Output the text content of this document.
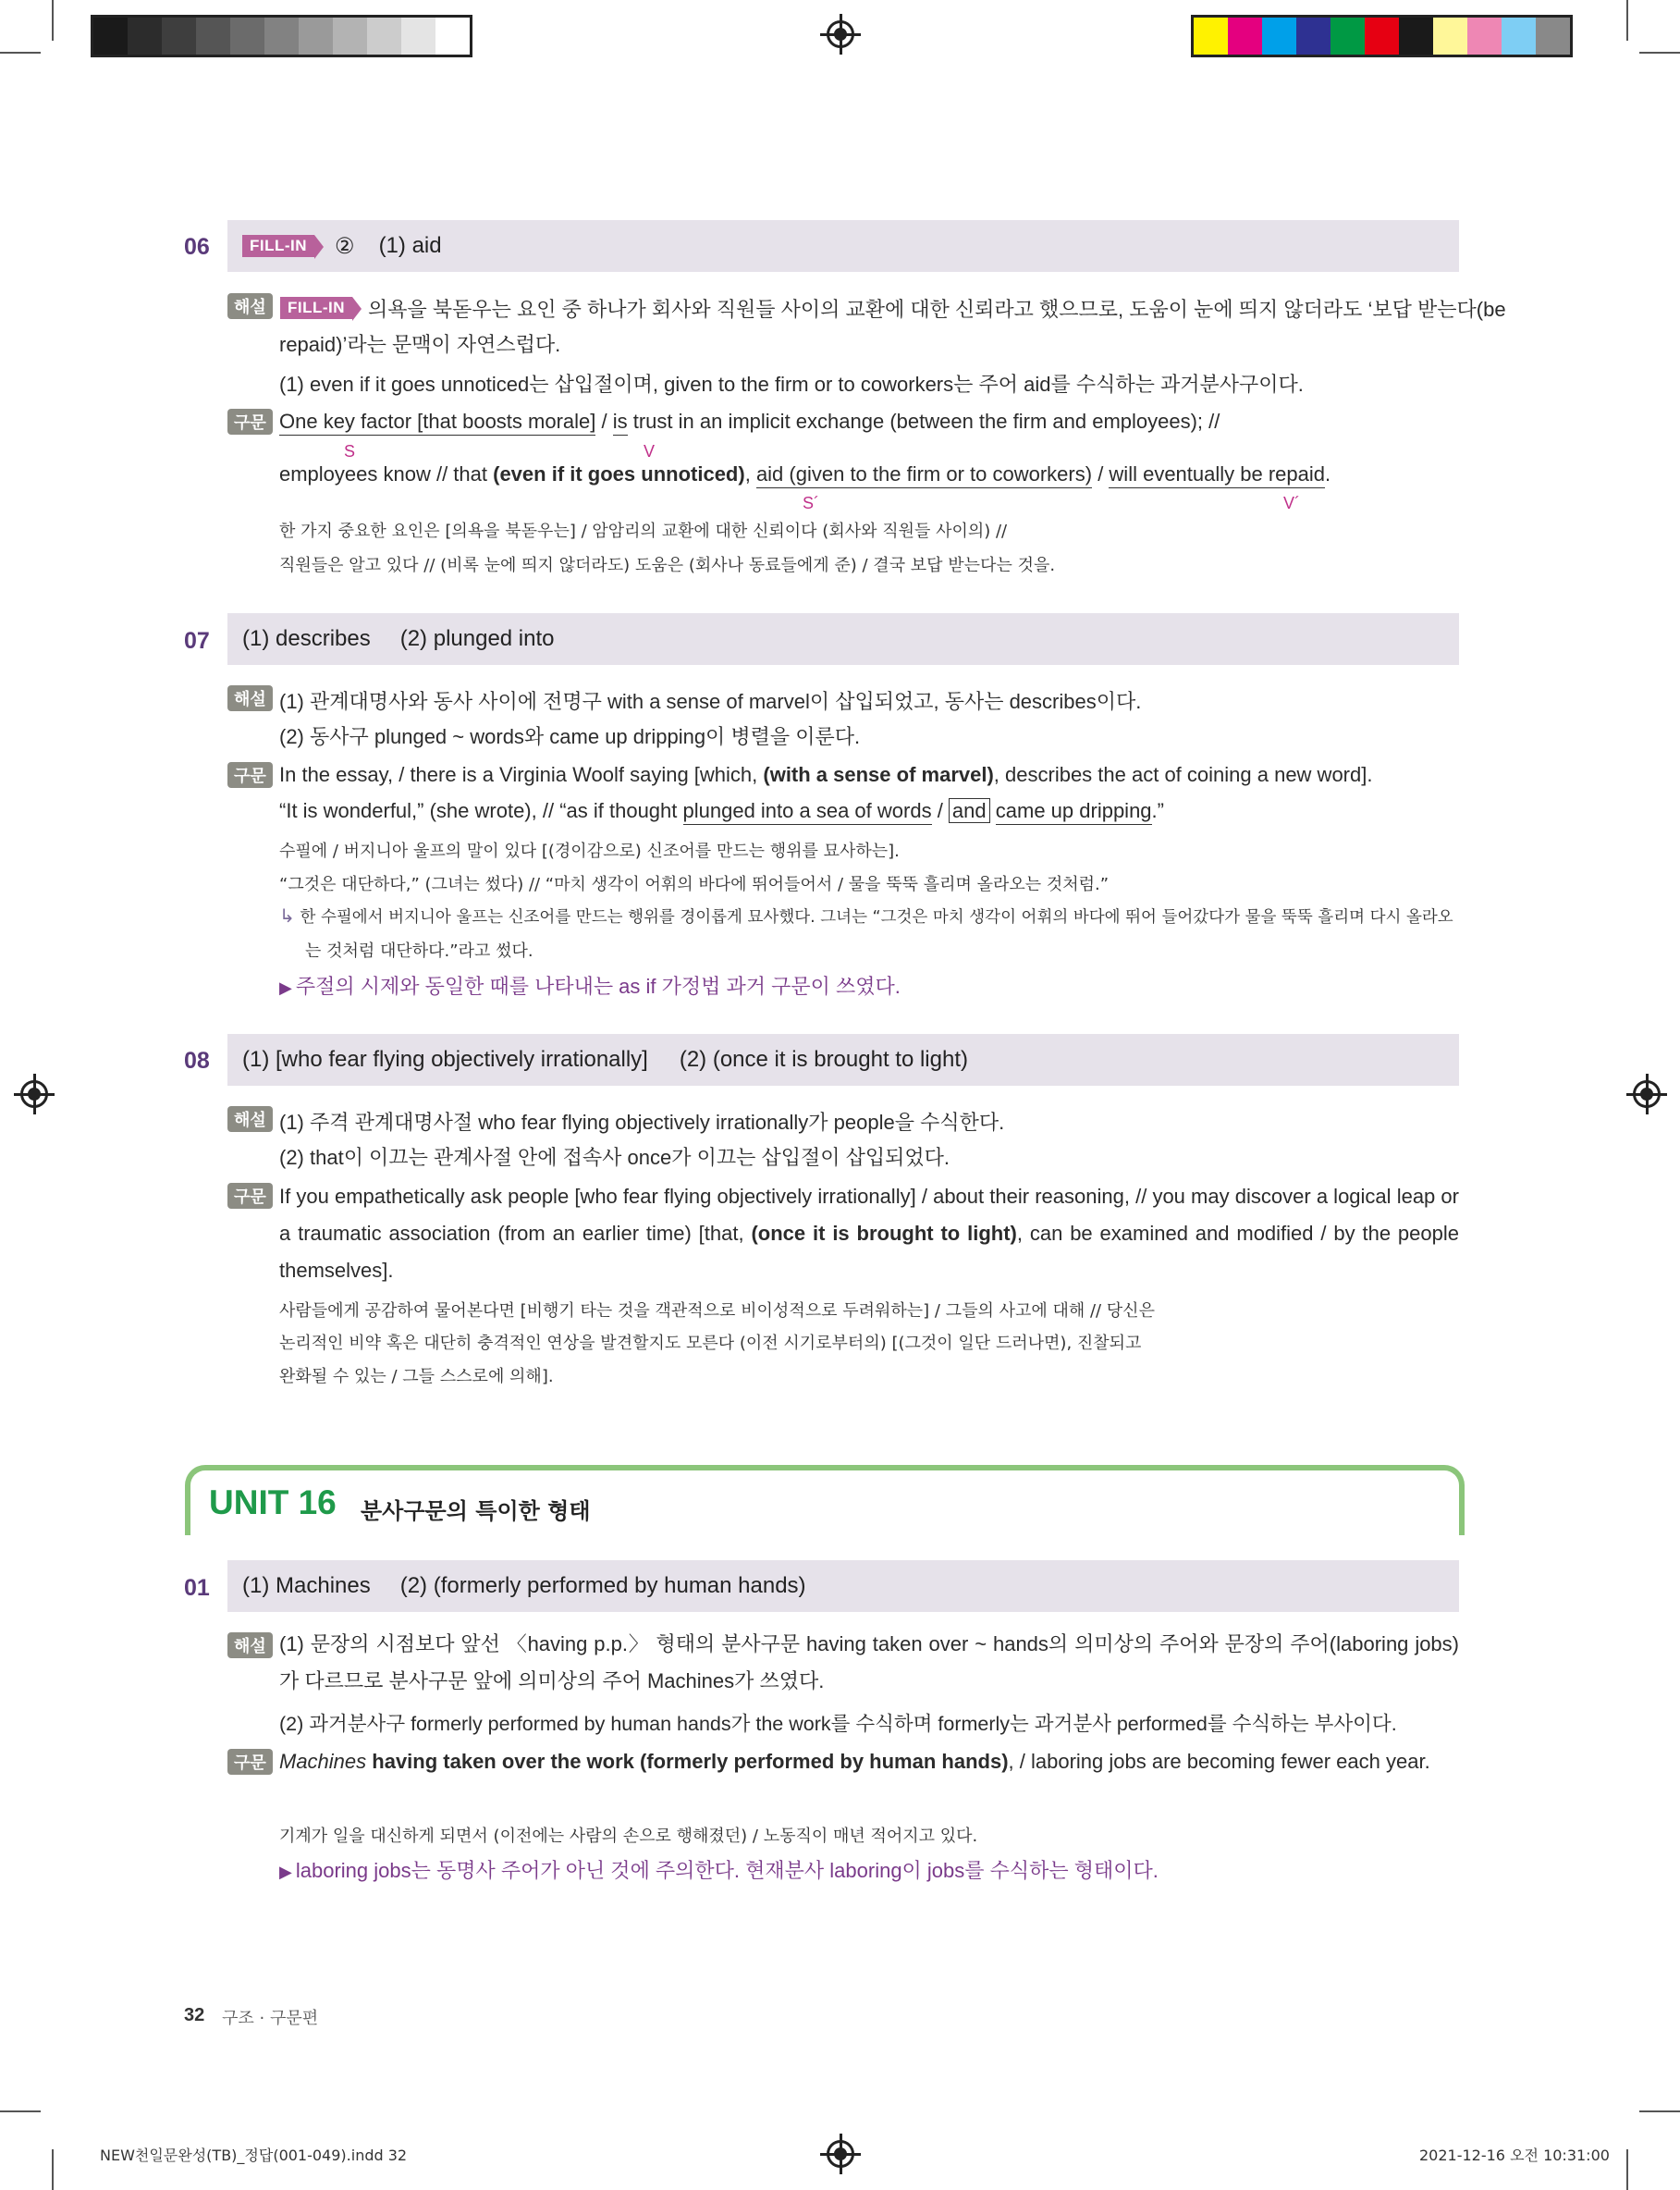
06	FILL-IN	② (1) aid
해설	FILL-IN	의욕을 북돋우는 요인 중 하나가 회사와 직원들 사이의 교환에 대한 신뢰라고 했으므로, 도움이 눈에 띄지 않더라도 ‘보답 받는다(be
repaid)’라는 문맥이 자연스럽다.
(1) even if it goes unnoticed는 삽입절이며, given to the firm or to coworkers는 주어 aid를 수식하는 과거분사구이다.
구문 One key factor [that boosts morale] / is trust in an implicit exchange (between the firm and employees); //
S	V
employees know // that (even if it goes unnoticed), aid (given to the firm or to coworkers) / will eventually be repaid.
S´	V´
한 가지 중요한 요인은 [의욕을 북돋우는] / 암암리의 교환에 대한 신뢰이다 (회사와 직원들 사이의) //
직원들은 알고 있다 // (비록 눈에 띄지 않더라도) 도움은 (회사나 동료들에게 준) / 결국 보답 받는다는 것을.
07 (1) describes (2) plunged into
해설 (1) 관계대명사와 동사 사이에 전명구 with a sense of marvel이 삽입되었고, 동사는 describes이다.
(2) 동사구 plunged ~ words와 came up dripping이 병렬을 이룬다.
구문 In the essay, / there is a Virginia Woolf saying [which, (with a sense of marvel), describes the act of coining a new word].
“It is wonderful,” (she wrote), // “as if thought plunged into a sea of words / and came up dripping.”
수필에 / 버지니아 울프의 말이 있다 [(경이감으로) 신조어를 만드는 행위를 묘사하는].
“그것은 대단하다,” (그녀는 썼다) // “마치 생각이 어휘의 바다에 뛰어들어서 / 물을 뚝뚝 흘리며 올라오는 것처럼.”
↳ 한 수필에서 버지니아 울프는 신조어를 만드는 행위를 경이롭게 묘사했다. 그녀는 “그것은 마치 생각이 어휘의 바다에 뛰어 들어갔다가 물을 뚝뚝 흘리며 다시 올라오
는 것처럼 대단하다.”라고 썼다.
▶ 주절의 시제와 동일한 때를 나타내는 as if 가정법 과거 구문이 쓰였다.
08 (1) [who fear flying objectively irrationally] (2) (once it is brought to light)
해설 (1) 주격 관계대명사절 who fear flying objectively irrationally가 people을 수식한다.
(2) that이 이끄는 관계사절 안에 접속사 once가 이끄는 삽입절이 삽입되었다.
구문 If you empathetically ask people [who fear flying objectively irrationally] / about their reasoning, // you may discover a logical leap or a traumatic association (from an earlier time) [that, (once it is brought to light), can be examined and modified / by the people themselves].
사람들에게 공감하여 물어본다면 [비행기 타는 것을 객관적으로 비이성적으로 두려워하는] / 그들의 사고에 대해 // 당신은
논리적인 비약 혹은 대단히 충격적인 연상을 발견할지도 모른다 (이전 시기로부터의) [(그것이 일단 드러나면), 진찰되고
완화될 수 있는 / 그들 스스로에 의해].
UNIT 16 분사구문의 특이한 형태
01 (1) Machines (2) (formerly performed by human hands)
해설 (1) 문장의 시점보다 앞선 〈having p.p.〉 형태의 분사구문 having taken over ~ hands의 의미상의 주어와 문장의 주어(laboring jobs)가 다르므로 분사구문 앞에 의미상의 주어 Machines가 쓰였다.
(2) 과거분사구 formerly performed by human hands가 the work를 수식하며 formerly는 과거분사 performed를 수식하는 부사이다.
구문 Machines having taken over the work (formerly performed by human hands), / laboring jobs are becoming fewer each year.
기계가 일을 대신하게 되면서 (이전에는 사람의 손으로 행해졌던) / 노동직이 매년 적어지고 있다.
▶ laboring jobs는 동명사 주어가 아닌 것에 주의한다. 현재분사 laboring이 jobs를 수식하는 형태이다.
32 구조 · 구문편
NEW천일문완성(TB)_정답(001-049).indd 32	2021-12-16 오전 10:31:00
